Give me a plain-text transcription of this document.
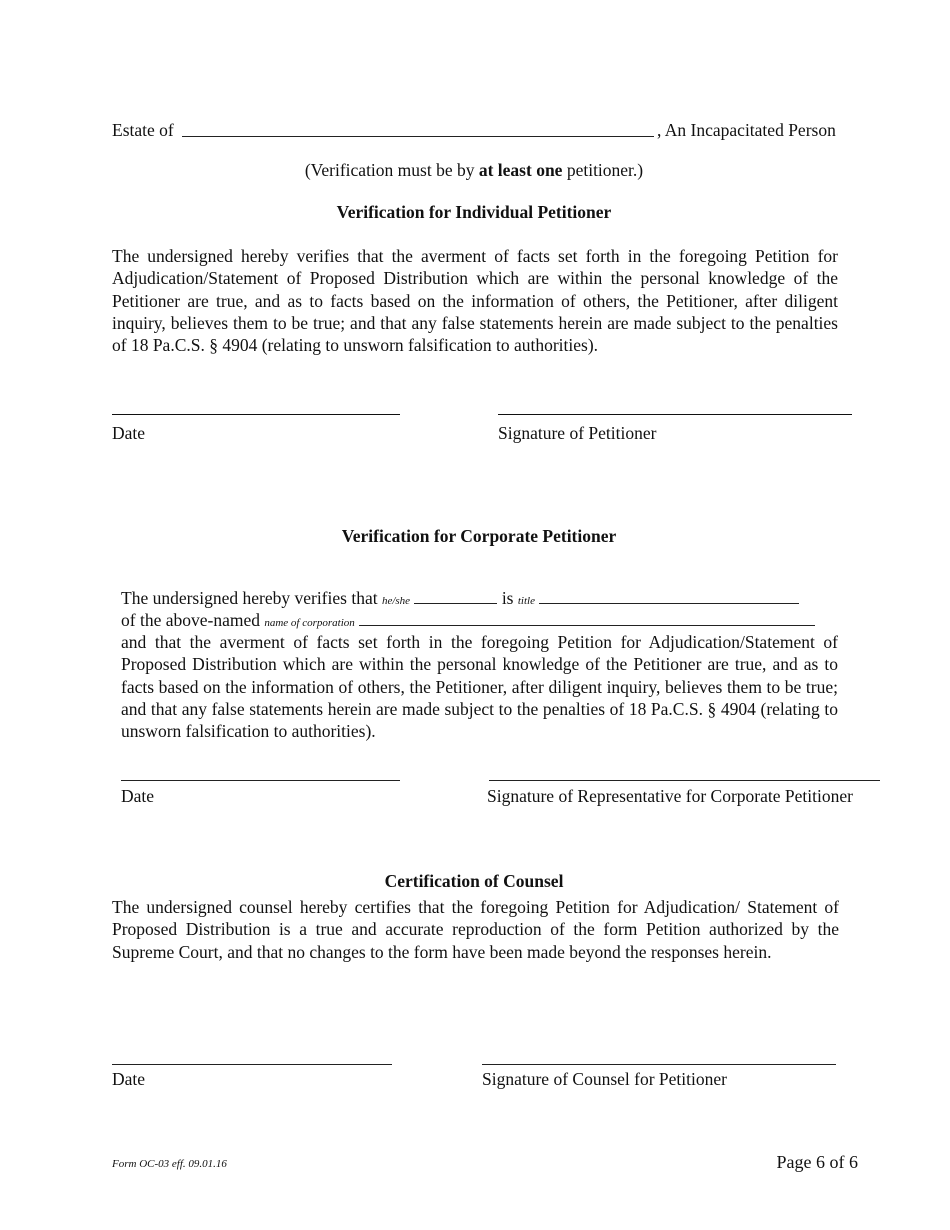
Estate of	, An Incapacitated Person
(Verification must be by at least one petitioner.)
Verification for Individual Petitioner
The undersigned hereby verifies that the averment of facts set forth in the foregoing Petition for Adjudication/Statement of Proposed Distribution which are within the personal knowledge of the Petitioner are true, and as to facts based on the information of others, the Petitioner, after diligent inquiry, believes them to be true; and that any false statements herein are made subject to the penalties of 18 Pa.C.S. § 4904 (relating to unsworn falsification to authorities).
Date	Signature of Petitioner
Verification for Corporate Petitioner
The undersigned hereby verifies that he/she	is title
of the above-named name of corporation
and that the averment of facts set forth in the foregoing Petition for Adjudication/Statement of Proposed Distribution which are within the personal knowledge of the Petitioner are true, and as to facts based on the information of others, the Petitioner, after diligent inquiry, believes them to be true; and that any false statements herein are made subject to the penalties of 18 Pa.C.S. § 4904 (relating to unsworn falsification to authorities).
Date	Signature of Representative for Corporate Petitioner
Certification of Counsel
The undersigned counsel hereby certifies that the foregoing Petition for Adjudication/ Statement of Proposed Distribution is a true and accurate reproduction of the form Petition authorized by the Supreme Court, and that no changes to the form have been made beyond the responses herein.
Date	Signature of Counsel for Petitioner
Form OC-03 eff. 09.01.16	Page 6 of 6
